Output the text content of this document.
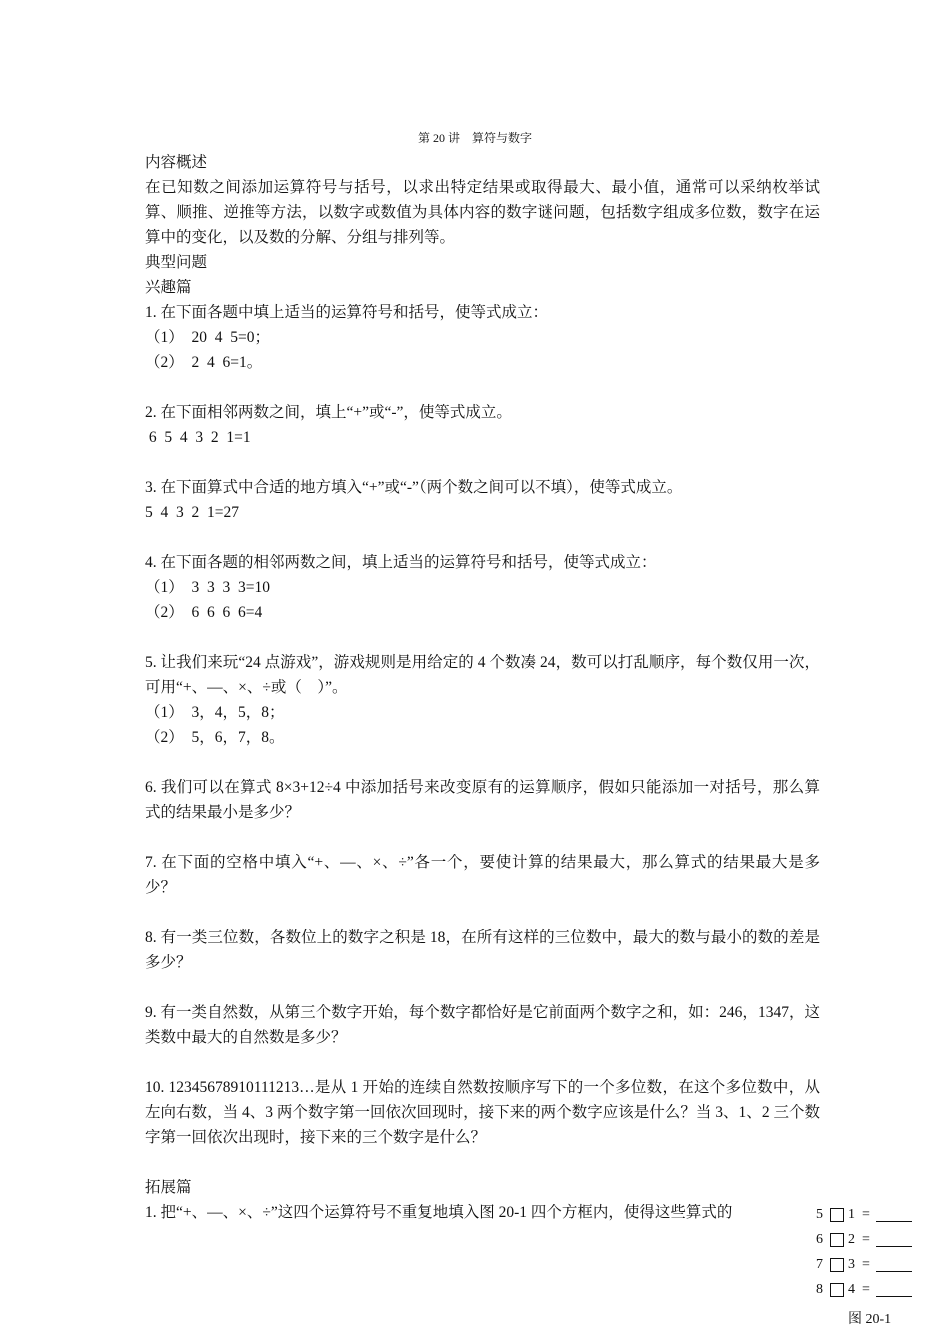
第 20 讲　算符与数字

内容概述

在已知数之间添加运算符号与括号，以求出特定结果或取得最大、最小值，通常可以采纳枚举试算、顺推、逆推等方法，以数字或数值为具体内容的数字谜问题，包括数字组成多位数，数字在运算中的变化，以及数的分解、分组与排列等。

典型问题

兴趣篇

1. 在下面各题中填上适当的运算符号和括号，使等式成立：

（1）  20  4  5=0；

（2）  2  4  6=1。

2. 在下面相邻两数之间，填上“+”或“-”，使等式成立。

6  5  4  3  2  1=1

3. 在下面算式中合适的地方填入“+”或“-”（两个数之间可以不填），使等式成立。

5  4  3  2  1=27

4. 在下面各题的相邻两数之间，填上适当的运算符号和括号，使等式成立：

（1）  3  3  3  3=10

（2）  6  6  6  6=4

5. 让我们来玩“24 点游戏”，游戏规则是用给定的 4 个数凑 24，数可以打乱顺序，每个数仅用一次，可用“+、—、×、÷或（　）”。

（1）  3，4，5，8；

（2）  5，6，7，8。

6. 我们可以在算式 8×3+12÷4 中添加括号来改变原有的运算顺序，假如只能添加一对括号，那么算式的结果最小是多少？

7. 在下面的空格中填入“+、—、×、÷”各一个，要使计算的结果最大，那么算式的结果最大是多少？

8. 有一类三位数，各数位上的数字之积是 18，在所有这样的三位数中，最大的数与最小的数的差是多少？

9. 有一类自然数，从第三个数字开始，每个数字都恰好是它前面两个数字之和，如：246，1347，这类数中最大的自然数是多少？

10. 12345678910111213…是从 1 开始的连续自然数按顺序写下的一个多位数，在这个多位数中，从左向右数，当 4、3 两个数字第一回依次回现时，接下来的两个数字应该是什么？当 3、1、2 三个数字第一回依次出现时，接下来的三个数字是什么？

拓展篇

1. 把“+、—、×、÷”这四个运算符号不重复地填入图 20-1 四个方框内，使得这些算式的	5	1 =
6	2 =
7	3 =
8	4 =
图 20-1
